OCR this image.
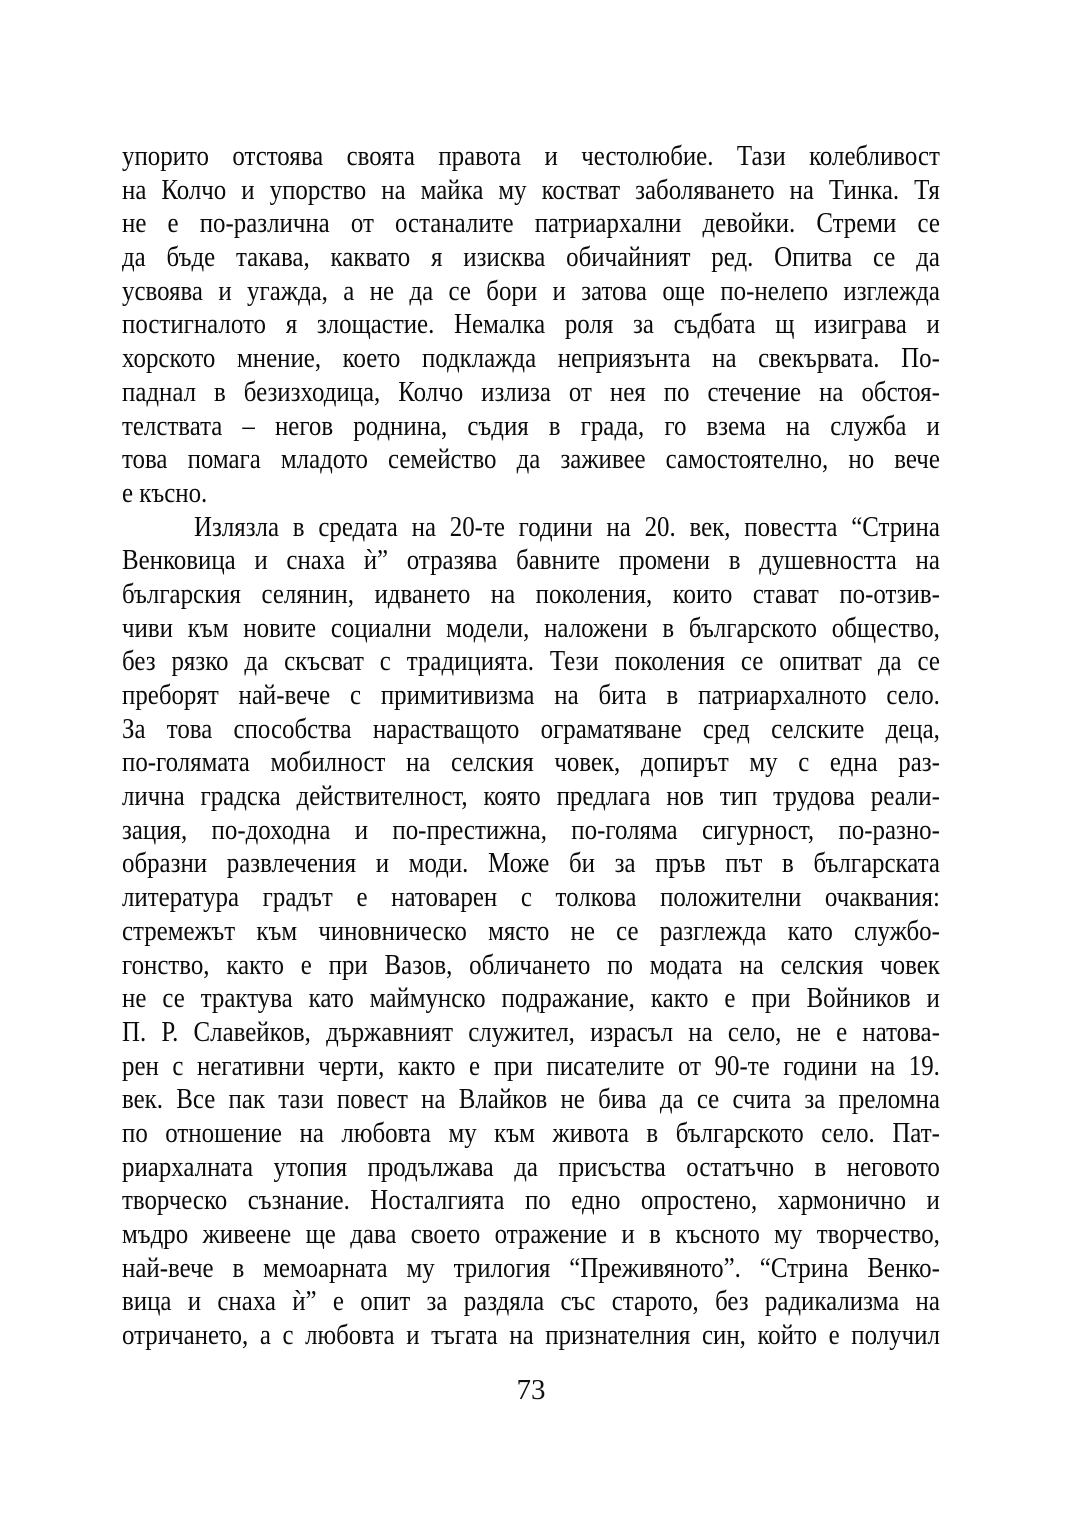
упорито отстоява своята правота и честолюбие. Тази колебливост
на Колчо и упорство на майка му костват заболяването на Тинка. Тя
не е по-различна от останалите патриархални девойки. Стреми се
да бъде такава, каквато я изисква обичайният ред. Опитва се да
усвоява и угажда, а не да се бори и затова още по-нелепо изглежда
постигналото я злощастие. Немалка роля за съдбата щ изиграва и
хорското мнение, което подклажда неприязънта на свекървата. По-
паднал в безизходица, Колчо излиза от нея по стечение на обстоя-
телствата – негов роднина, съдия в града, го взема на служба и
това помага младото семейство да заживее самостоятелно, но вече
е късно.
Излязла в средата на 20-те години на 20. век, повестта “Стрина
Венковица и снаха ѝ” отразява бавните промени в душевността на
българския селянин, идването на поколения, които стават по-отзив-
чиви към новите социални модели, наложени в българското общество,
без рязко да скъсват с традицията. Тези поколения се опитват да се
преборят най-вече с примитивизма на бита в патриархалното село.
За това способства нарастващото ограматяване сред селските деца,
по-голямата мобилност на селския човек, допирът му с една раз-
лична градска действителност, която предлага нов тип трудова реали-
зация, по-доходна и по-престижна, по-голяма сигурност, по-разно-
образни развлечения и моди. Може би за пръв път в българската
литература градът е натоварен с толкова положителни очаквания:
стремежът към чиновническо място не се разглежда като службо-
гонство, както е при Вазов, обличането по модата на селския човек
не се трактува като маймунско подражание, както е при Войников и
П. Р. Славейков, държавният служител, израсъл на село, не е натова-
рен с негативни черти, както е при писателите от 90-те години на 19.
век. Все пак тази повест на Влайков не бива да се счита за преломна
по отношение на любовта му към живота в българското село. Пат-
риархалната утопия продължава да присъства остатъчно в неговото
творческо съзнание. Носталгията по едно опростено, хармонично и
мъдро живеене ще дава своето отражение и в късното му творчество,
най-вече в мемоарната му трилогия “Преживяното”. “Стрина Венко-
вица и снаха ѝ” е опит за раздяла със старото, без радикализма на
отричането, а с любовта и тъгата на признателния син, който е получил
73
